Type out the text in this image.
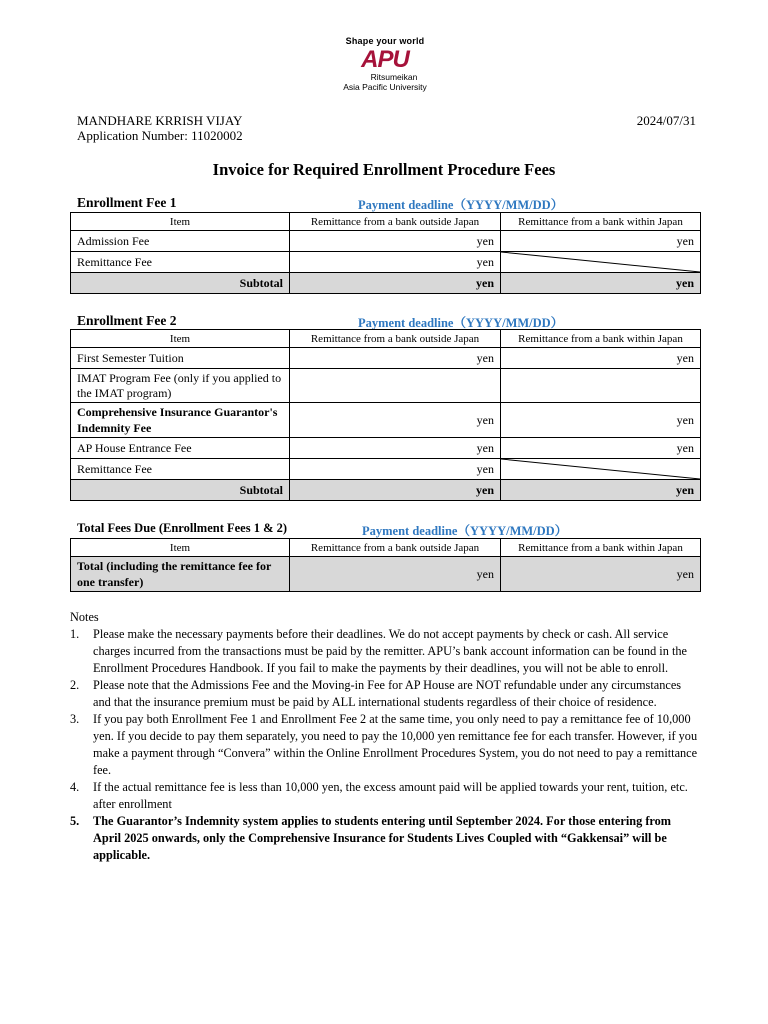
Shape your world
APU
Ritsumeikan
Asia Pacific University
MANDHARE KRRISH VIJAY
Application Number: 11020002
2024/07/31
Invoice for Required Enrollment Procedure Fees
Enrollment Fee 1	Payment deadline（YYYY/MM/DD）
Item	Remittance from a bank outside Japan	Remittance from a bank within Japan
Admission Fee	yen	yen
Remittance Fee	yen	

Subtotal	yen	yen
Enrollment Fee 2	Payment deadline（YYYY/MM/DD）
Item	Remittance from a bank outside Japan	Remittance from a bank within Japan
First Semester Tuition	yen	yen
IMAT Program Fee (only if you applied to the IMAT program)		
Comprehensive Insurance Guarantor's Indemnity Fee	yen	yen
AP House Entrance Fee	yen	yen
Remittance Fee	yen	

Subtotal	yen	yen
Total Fees Due (Enrollment Fees 1 & 2)	Payment deadline（YYYY/MM/DD）
Item	Remittance from a bank outside Japan	Remittance from a bank within Japan
Total (including the remittance fee for one transfer)	yen	yen
Notes
1. Please make the necessary payments before their deadlines. We do not accept payments by check or cash. All service charges incurred from the transactions must be paid by the remitter. APU’s bank account information can be found in the Enrollment Procedures Handbook. If you fail to make the payments by their deadlines, you will not be able to enroll.
2. Please note that the Admissions Fee and the Moving-in Fee for AP House are NOT refundable under any circumstances and that the insurance premium must be paid by ALL international students regardless of their choice of residence.
3. If you pay both Enrollment Fee 1 and Enrollment Fee 2 at the same time, you only need to pay a remittance fee of 10,000 yen. If you decide to pay them separately, you need to pay the 10,000 yen remittance fee for each transfer. However, if you make a payment through “Convera” within the Online Enrollment Procedures System, you do not need to pay a remittance fee.
4. If the actual remittance fee is less than 10,000 yen, the excess amount paid will be applied towards your rent, tuition, etc. after enrollment
5. The Guarantor’s Indemnity system applies to students entering until September 2024. For those entering from April 2025 onwards, only the Comprehensive Insurance for Students Lives Coupled with “Gakkensai” will be applicable.
